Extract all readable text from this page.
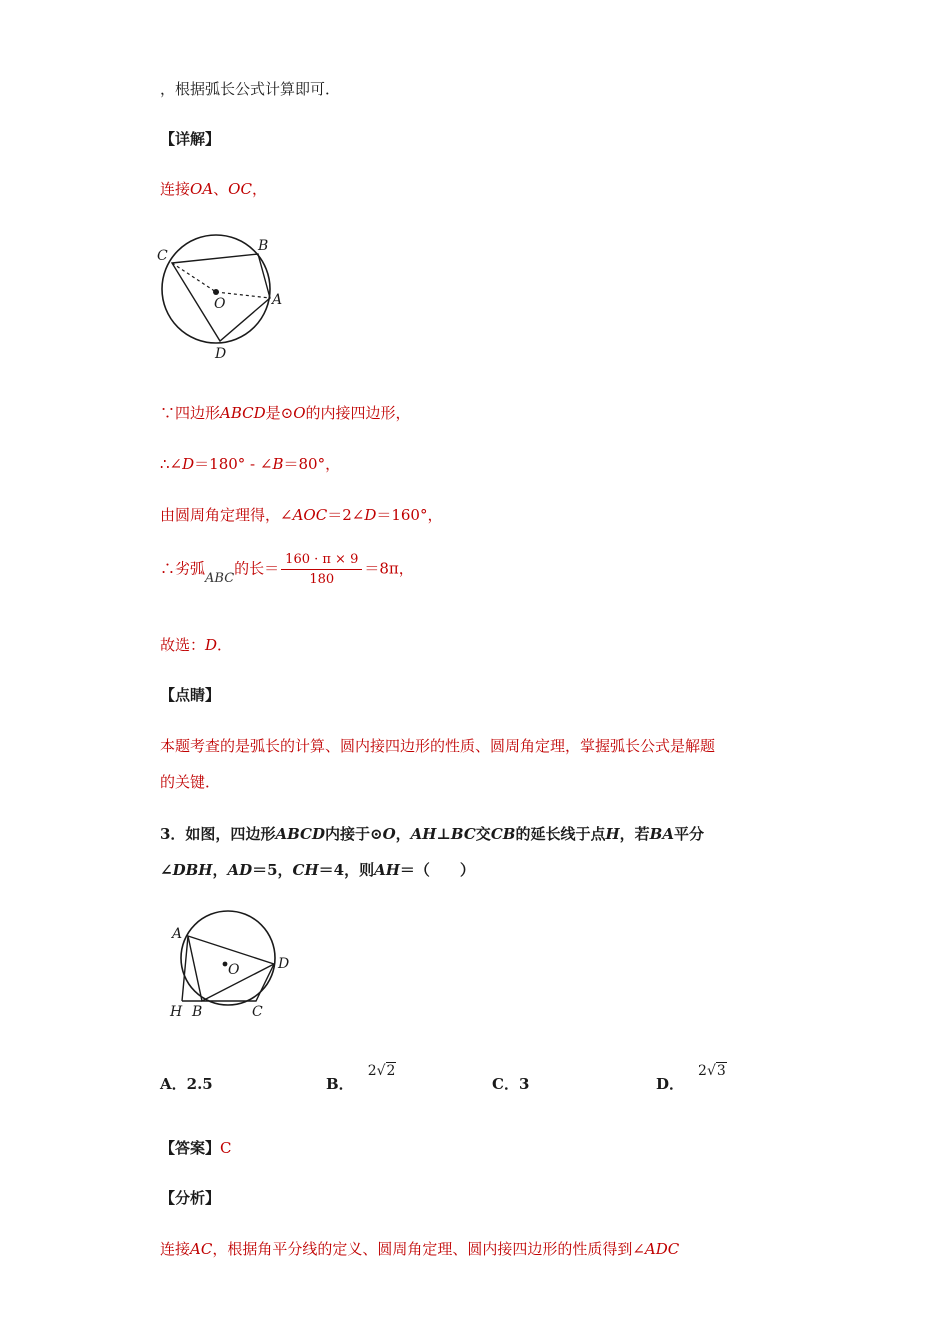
，根据弧长公式计算即可．
【详解】
连接OA、OC，
C
B
O	A
D
∵四边形ABCD是⊙O的内接四边形，
∴∠D＝180° - ∠B＝80°，
由圆周角定理得，∠AOC＝2∠D＝160°，
∴劣弧ABC的长＝ $\frac{160 \cdot \pi \times 9}{180} =8\pi$，
故选：D．
【点睛】
本题考查的是弧长的计算、圆内接四边形的性质、圆周角定理，掌握弧长公式是解题
的关键．
3．如图，四边形ABCD内接于⊙O，AH⊥BC交CB的延长线于点H，若BA平分
∠DBH，AD＝5，CH＝4，则AH＝（　　）
A
O	D
H B	C
A．2.5	B．2√2
C．3	D．2√3
【答案】C
【分析】
连接AC，根据角平分线的定义、圆周角定理、圆内接四边形的性质得到∠ADC
